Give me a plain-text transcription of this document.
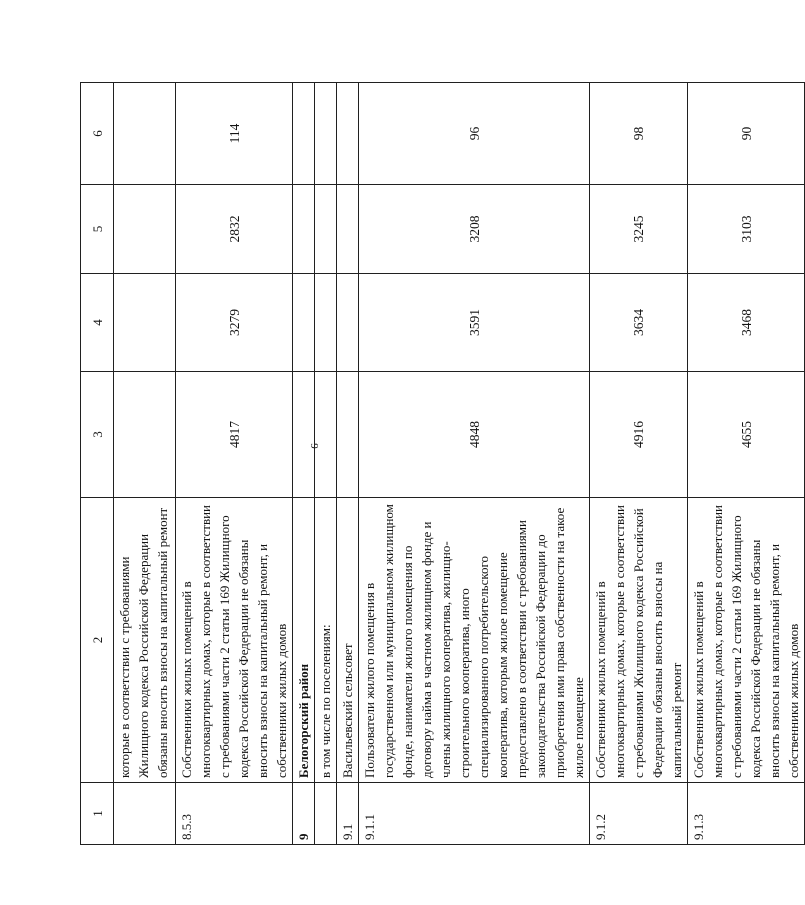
9
1	2	3	4	5	6
	которые в соответствии с требованиями Жилищного кодекса Российской Федерации обязаны вносить взносы на капитальный ремонт				
8.5.3	Собственники жилых помещений в многоквартирных домах, которые в соответствии с требованиями части 2 статьи 169 Жилищного кодекса Российской Федерации не обязаны вносить взносы на капитальный ремонт, и собственники жилых домов	4817	3279	2832	114
9	Белогорский район				
	в том числе по поселениям:				
9.1	Васильевский сельсовет				
9.1.1	Пользователи жилого помещения в государственном или муниципальном жилищном фонде, наниматели жилого помещения по договору найма в частном жилищном фонде и члены жилищного кооператива, жилищно-строительного кооператива, иного специализированного потребительского кооператива, которым жилое помещение предоставлено в соответствии с требованиями законодательства Российской Федерации до приобретения ими права собственности на такое жилое помещение	4848	3591	3208	96
9.1.2	Собственники жилых помещений в многоквартирных домах, которые в соответствии с требованиями Жилищного кодекса Российской Федерации обязаны вносить взносы на капитальный ремонт	4916	3634	3245	98
9.1.3	Собственники жилых помещений в многоквартирных домах, которые в соответствии с требованиями части 2 статьи 169 Жилищного кодекса Российской Федерации не обязаны вносить взносы на капитальный ремонт, и собственники жилых домов	4655	3468	3103	90
